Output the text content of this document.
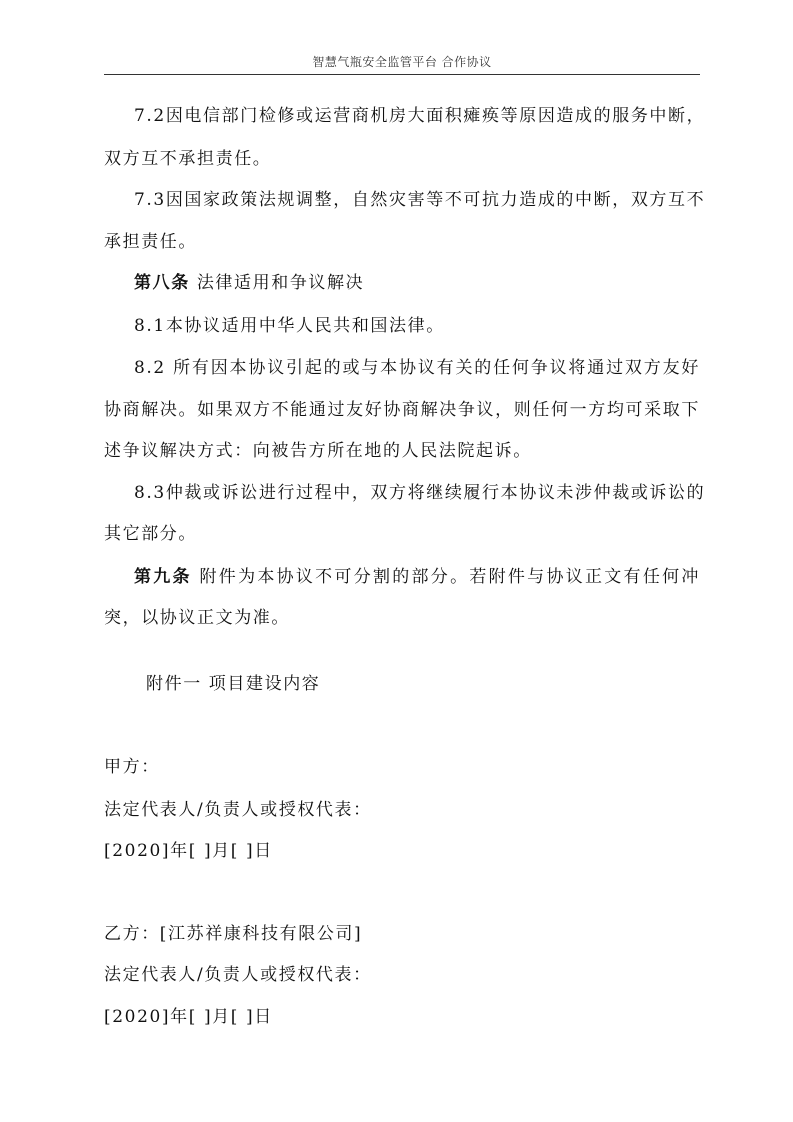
智慧气瓶安全监管平台 合作协议
7.2因电信部门检修或运营商机房大面积瘫痪等原因造成的服务中断，
双方互不承担责任。
7.3因国家政策法规调整，自然灾害等不可抗力造成的中断，双方互不
承担责任。
第八条 法律适用和争议解决
8.1本协议适用中华人民共和国法律。
8.2 所有因本协议引起的或与本协议有关的任何争议将通过双方友好
协商解决。如果双方不能通过友好协商解决争议，则任何一方均可采取下
述争议解决方式：向被告方所在地的人民法院起诉。
8.3仲裁或诉讼进行过程中，双方将继续履行本协议未涉仲裁或诉讼的
其它部分。
第九条 附件为本协议不可分割的部分。若附件与协议正文有任何冲
突，以协议正文为准。
附件一 项目建设内容
甲方：
法定代表人/负责人或授权代表：
[2020]年[ ]月[ ]日
乙方：[江苏祥康科技有限公司]
法定代表人/负责人或授权代表：
[2020]年[ ]月[ ]日
